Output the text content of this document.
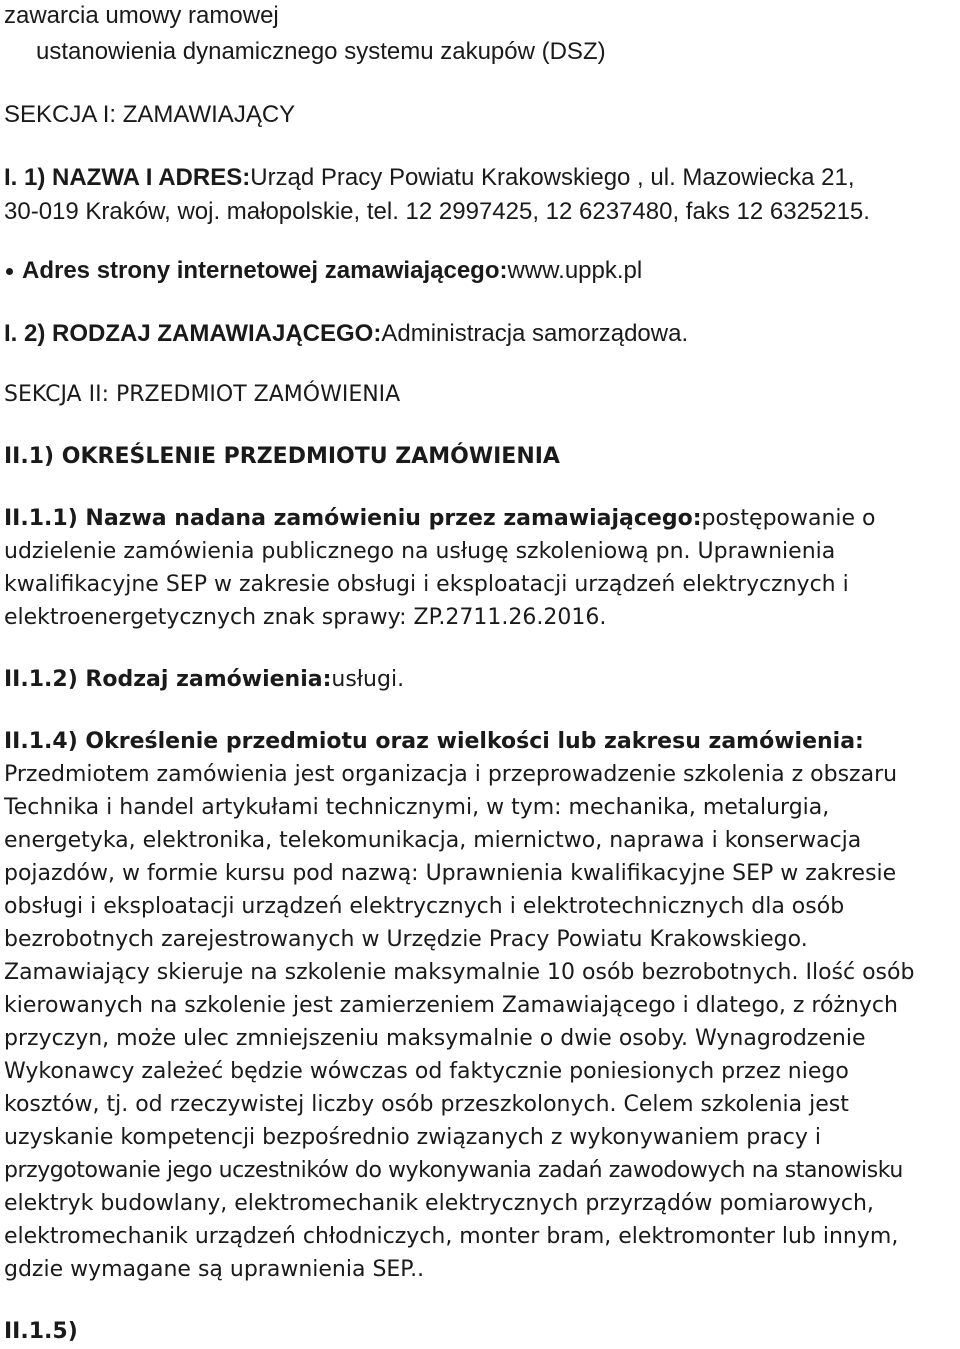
zawarcia umowy ramowej
ustanowienia dynamicznego systemu zakupów (DSZ)
SEKCJA I: ZAMAWIAJĄCY
I. 1) NAZWA I ADRES:Urząd Pracy Powiatu Krakowskiego , ul. Mazowiecka 21,
30-019 Kraków, woj. małopolskie, tel. 12 2997425, 12 6237480, faks 12 6325215.
Adres strony internetowej zamawiającego:www.uppk.pl
I. 2) RODZAJ ZAMAWIAJĄCEGO:Administracja samorządowa.
SEKCJA II: PRZEDMIOT ZAMÓWIENIA
II.1) OKREŚLENIE PRZEDMIOTU ZAMÓWIENIA
II.1.1) Nazwa nadana zamówieniu przez zamawiającego:postępowanie o
udzielenie zamówienia publicznego na usługę szkoleniową pn. Uprawnienia
kwalifikacyjne SEP w zakresie obsługi i eksploatacji urządzeń elektrycznych i
elektroenergetycznych znak sprawy: ZP.2711.26.2016.
II.1.2) Rodzaj zamówienia:usługi.
II.1.4) Określenie przedmiotu oraz wielkości lub zakresu zamówienia:
Przedmiotem zamówienia jest organizacja i przeprowadzenie szkolenia z obszaru
Technika i handel artykułami technicznymi, w tym: mechanika, metalurgia,
energetyka, elektronika, telekomunikacja, miernictwo, naprawa i konserwacja
pojazdów, w formie kursu pod nazwą: Uprawnienia kwalifikacyjne SEP w zakresie
obsługi i eksploatacji urządzeń elektrycznych i elektrotechnicznych dla osób
bezrobotnych zarejestrowanych w Urzędzie Pracy Powiatu Krakowskiego.
Zamawiający skieruje na szkolenie maksymalnie 10 osób bezrobotnych. Ilość osób
kierowanych na szkolenie jest zamierzeniem Zamawiającego i dlatego, z różnych
przyczyn, może ulec zmniejszeniu maksymalnie o dwie osoby. Wynagrodzenie
Wykonawcy zależeć będzie wówczas od faktycznie poniesionych przez niego
kosztów, tj. od rzeczywistej liczby osób przeszkolonych. Celem szkolenia jest
uzyskanie kompetencji bezpośrednio związanych z wykonywaniem pracy i
przygotowanie jego uczestników do wykonywania zadań zawodowych na stanowisku
elektryk budowlany, elektromechanik elektrycznych przyrządów pomiarowych,
elektromechanik urządzeń chłodniczych, monter bram, elektromonter lub innym,
gdzie wymagane są uprawnienia SEP..
II.1.5)
